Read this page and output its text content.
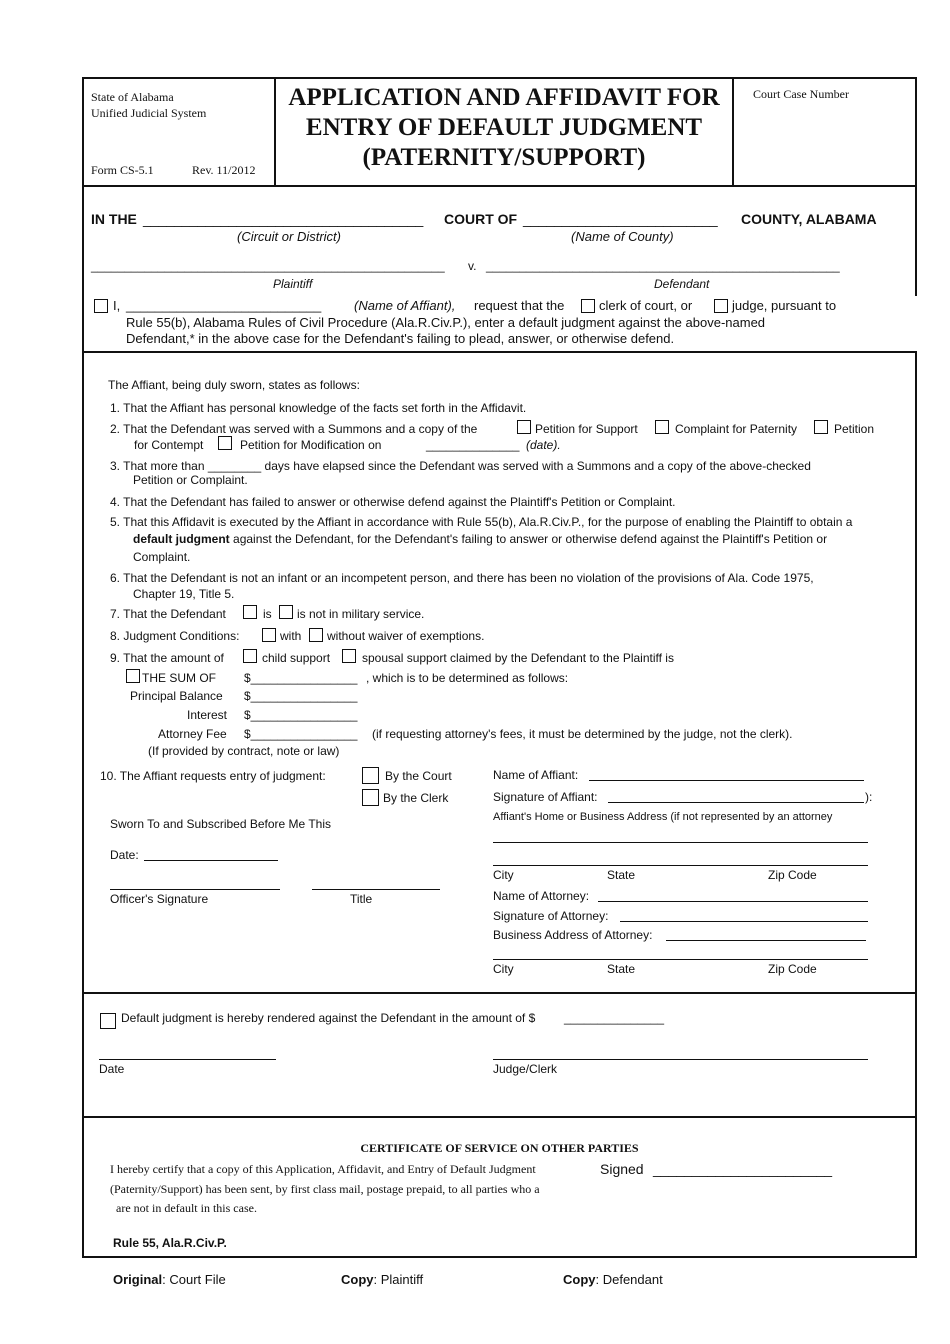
State of Alabama
Unified Judicial System
Form CS-5.1	Rev. 11/2012
APPLICATION AND AFFIDAVIT FOR
ENTRY OF DEFAULT JUDGMENT
(PATERNITY/SUPPORT)
Court Case Number
IN THE ____________________________________ COURT OF _________________________ COUNTY, ALABAMA
(Circuit or District)	(Name of County)
_____________________________________________________ v. _____________________________________________________
Plaintiff	Defendant
I, ___________________________	(Name of Affiant), request that the	clerk of court, or	judge, pursuant to
Rule 55(b), Alabama Rules of Civil Procedure (Ala.R.Civ.P.), enter a default judgment against the above-named
Defendant,* in the above case for the Defendant's failing to plead, answer, or otherwise defend.
The Affiant, being duly sworn, states as follows:
1. That the Affiant has personal knowledge of the facts set forth in the Affidavit.
2. That the Defendant was served with a Summons and a copy of the	Petition for Support	Complaint for Paternity	Petition
for Contempt	Petition for Modification on	______________ (date).
3. That more than ________ days have elapsed since the Defendant was served with a Summons and a copy of the above-checked
Petition or Complaint.
4. That the Defendant has failed to answer or otherwise defend against the Plaintiff's Petition or Complaint.
5. That this Affidavit is executed by the Affiant in accordance with Rule 55(b), Ala.R.Civ.P., for the purpose of enabling the Plaintiff to obtain a
default judgment against the Defendant, for the Defendant's failing to answer or otherwise defend against the Plaintiff's Petition or
Complaint.
6. That the Defendant is not an infant or an incompetent person, and there has been no violation of the provisions of Ala. Code 1975,
Chapter 19, Title 5.
7. That the Defendant	is is not in military service.
8. Judgment Conditions:	with without waiver of exemptions.
9. That the amount of	child support	spousal support claimed by the Defendant to the Plaintiff is
THE SUM OF $________________ , which is to be determined as follows:
Principal Balance $________________
Interest $________________
Attorney Fee $________________ (if requesting attorney's fees, it must be determined by the judge, not the clerk).
(If provided by contract, note or law)
10. The Affiant requests entry of judgment:	By the Court
By the Clerk
Sworn To and Subscribed Before Me This
Date:
Officer's Signature	Title
Name of Affiant:
Signature of Affiant:	):
Affiant's Home or Business Address (if not represented by an attorney
City	State	Zip Code
Name of Attorney:
Signature of Attorney:
Business Address of Attorney:
City	State	Zip Code
Default judgment is hereby rendered against the Defendant in the amount of $ _______________
Date	Judge/Clerk
CERTIFICATE OF SERVICE ON OTHER PARTIES
I hereby certify that a copy of this Application, Affidavit, and Entry of Default Judgment
(Paternity/Support) has been sent, by first class mail, postage prepaid, to all parties who a
are not in default in this case.
Signed _______________________
Rule 55, Ala.R.Civ.P.
Original: Court File	Copy: Plaintiff	Copy: Defendant
